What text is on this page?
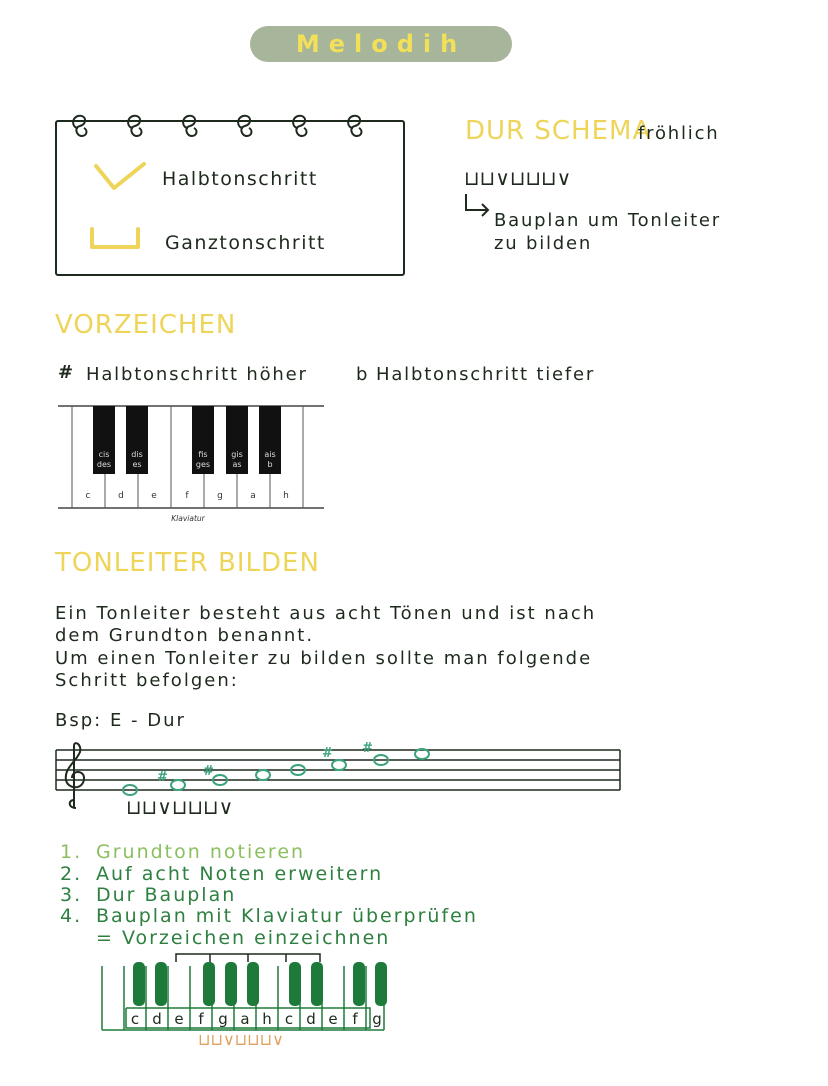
Melodih
Halbtonschritt
Ganztonschritt
DUR SCHEMA
fröhlich
⊔⊔∨⊔⊔⊔∨
Bauplan um Tonleiter
zu bilden
VORZEICHEN
# Halbtonschritt höher	b Halbtonschritt tiefer
cis
des
dis
es
fis
ges
gis
as
ais
b
c	d	e	f	g	a	h
Klaviatur
TONLEITER BILDEN
Ein Tonleiter besteht aus acht Tönen und ist nach
dem Grundton benannt.
Um einen Tonleiter zu bilden sollte man folgende
Schritt befolgen:
Bsp: E - Dur
#	#
# #
⊔⊔∨⊔⊔⊔∨
1. Grundton notieren
2. Auf acht Noten erweitern
3. Dur Bauplan
4. Bauplan mit Klaviatur überprüfen
= Vorzeichen einzeichnen
c d e f g a h c d e f g
⊔⊔∨⊔⊔⊔∨
